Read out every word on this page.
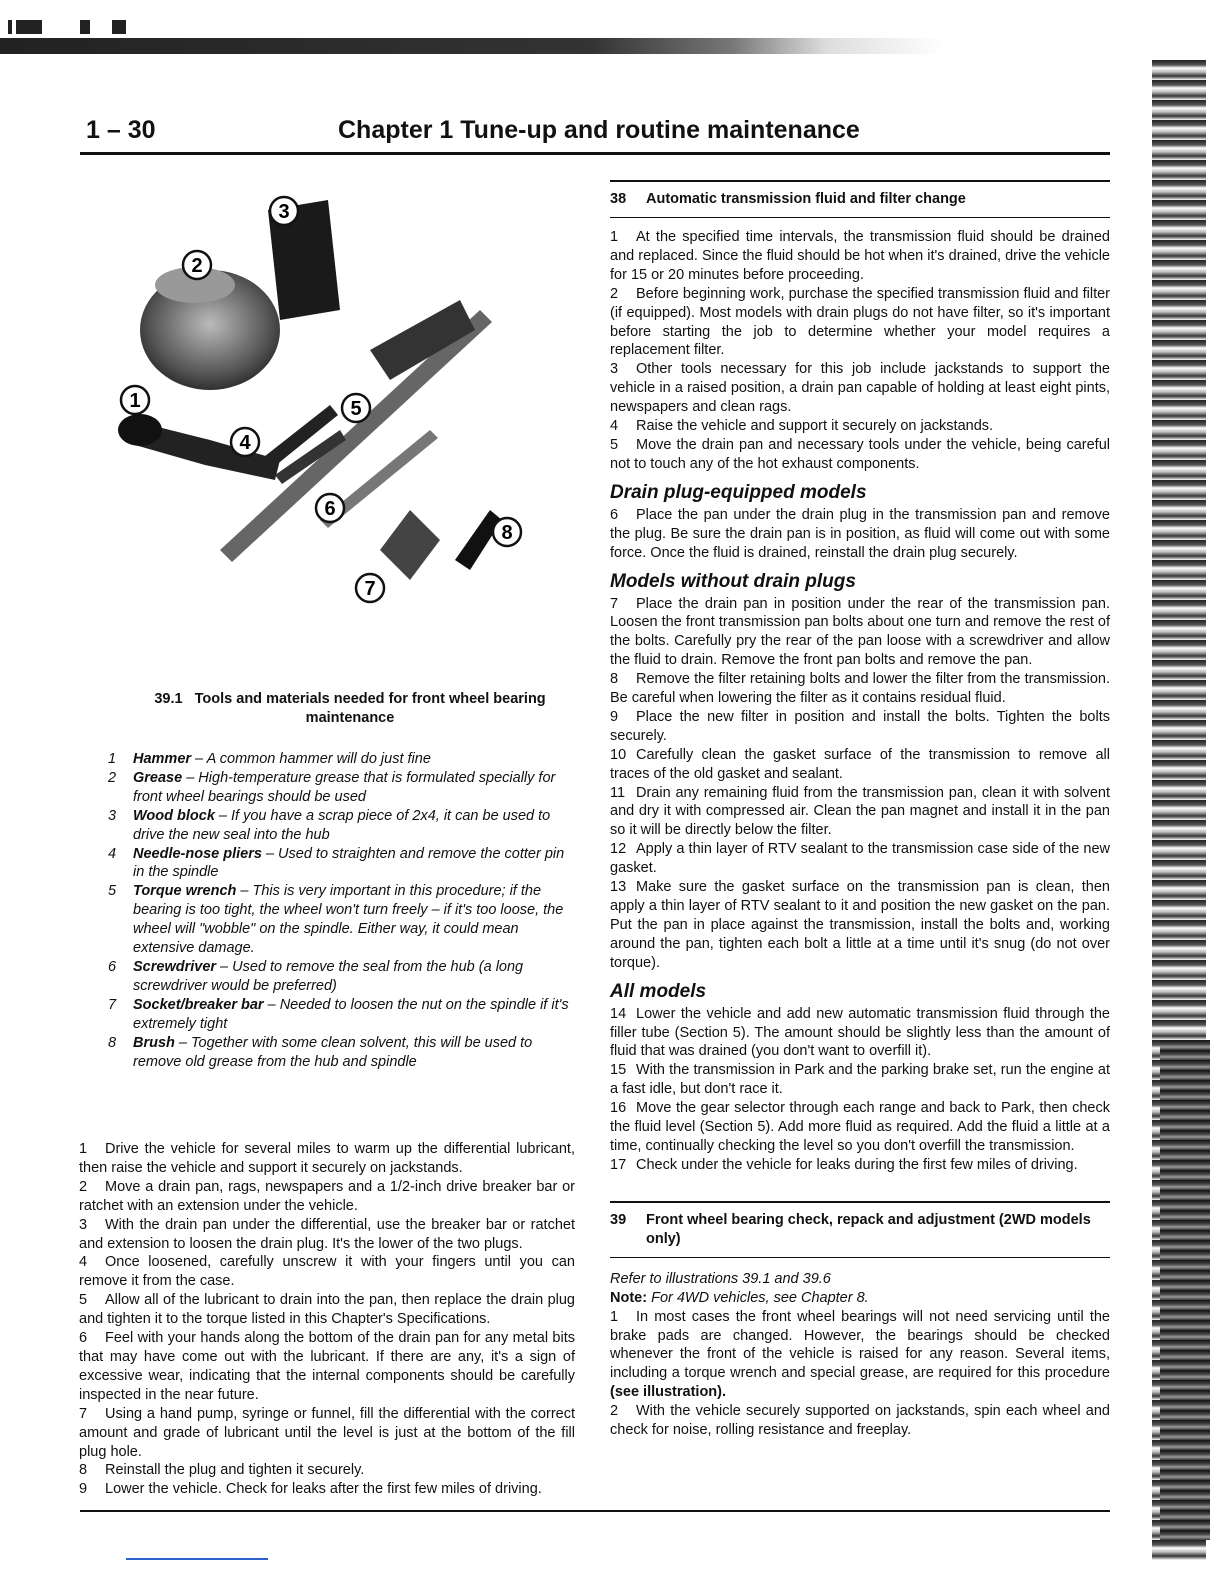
1 – 30	Chapter 1 Tune-up and routine maintenance
1
2
3
4
5
6
7
8
39.1 Tools and materials needed for front wheel bearing maintenance
1	Hammer – A common hammer will do just fine
2	Grease – High-temperature grease that is formulated specially for front wheel bearings should be used
3	Wood block – If you have a scrap piece of 2x4, it can be used to drive the new seal into the hub
4	Needle-nose pliers – Used to straighten and remove the cotter pin in the spindle
5	Torque wrench – This is very important in this procedure; if the bearing is too tight, the wheel won't turn freely – if it's too loose, the wheel will "wobble" on the spindle. Either way, it could mean extensive damage.
6	Screwdriver – Used to remove the seal from the hub (a long screwdriver would be preferred)
7	Socket/breaker bar – Needed to loosen the nut on the spindle if it's extremely tight
8	Brush – Together with some clean solvent, this will be used to remove old grease from the hub and spindle

1 Drive the vehicle for several miles to warm up the differential lubricant, then raise the vehicle and support it securely on jackstands.

2 Move a drain pan, rags, newspapers and a 1/2-inch drive breaker bar or ratchet with an extension under the vehicle.

3 With the drain pan under the differential, use the breaker bar or ratchet and extension to loosen the drain plug. It's the lower of the two plugs.

4 Once loosened, carefully unscrew it with your fingers until you can remove it from the case.

5 Allow all of the lubricant to drain into the pan, then replace the drain plug and tighten it to the torque listed in this Chapter's Specifications.

6 Feel with your hands along the bottom of the drain pan for any metal bits that may have come out with the lubricant. If there are any, it's a sign of excessive wear, indicating that the internal components should be carefully inspected in the near future.

7 Using a hand pump, syringe or funnel, fill the differential with the correct amount and grade of lubricant until the level is just at the bottom of the fill plug hole.

8 Reinstall the plug and tighten it securely.

9 Lower the vehicle. Check for leaks after the first few miles of driving.

38	Automatic transmission fluid and filter change

1 At the specified time intervals, the transmission fluid should be drained and replaced. Since the fluid should be hot when it's drained, drive the vehicle for 15 or 20 minutes before proceeding.

2 Before beginning work, purchase the specified transmission fluid and filter (if equipped). Most models with drain plugs do not have filter, so it's important before starting the job to determine whether your model requires a replacement filter.

3 Other tools necessary for this job include jackstands to support the vehicle in a raised position, a drain pan capable of holding at least eight pints, newspapers and clean rags.

4 Raise the vehicle and support it securely on jackstands.

5 Move the drain pan and necessary tools under the vehicle, being careful not to touch any of the hot exhaust components.

Drain plug-equipped models

6 Place the pan under the drain plug in the transmission pan and remove the plug. Be sure the drain pan is in position, as fluid will come out with some force. Once the fluid is drained, reinstall the drain plug securely.

Models without drain plugs

7 Place the drain pan in position under the rear of the transmission pan. Loosen the front transmission pan bolts about one turn and remove the rest of the bolts. Carefully pry the rear of the pan loose with a screwdriver and allow the fluid to drain. Remove the front pan bolts and remove the pan.

8 Remove the filter retaining bolts and lower the filter from the transmission. Be careful when lowering the filter as it contains residual fluid.

9 Place the new filter in position and install the bolts. Tighten the bolts securely.

10 Carefully clean the gasket surface of the transmission to remove all traces of the old gasket and sealant.

11 Drain any remaining fluid from the transmission pan, clean it with solvent and dry it with compressed air. Clean the pan magnet and install it in the pan so it will be directly below the filter.

12 Apply a thin layer of RTV sealant to the transmission case side of the new gasket.

13 Make sure the gasket surface on the transmission pan is clean, then apply a thin layer of RTV sealant to it and position the new gasket on the pan. Put the pan in place against the transmission, install the bolts and, working around the pan, tighten each bolt a little at a time until it's snug (do not over torque).

All models

14 Lower the vehicle and add new automatic transmission fluid through the filler tube (Section 5). The amount should be slightly less than the amount of fluid that was drained (you don't want to overfill it).

15 With the transmission in Park and the parking brake set, run the engine at a fast idle, but don't race it.

16 Move the gear selector through each range and back to Park, then check the fluid level (Section 5). Add more fluid as required. Add the fluid a little at a time, continually checking the level so you don't overfill the transmission.

17 Check under the vehicle for leaks during the first few miles of driving.

39	Front wheel bearing check, repack and adjustment (2WD models only)
Refer to illustrations 39.1 and 39.6
Note: For 4WD vehicles, see Chapter 8.

1 In most cases the front wheel bearings will not need servicing until the brake pads are changed. However, the bearings should be checked whenever the front of the vehicle is raised for any reason. Several items, including a torque wrench and special grease, are required for this procedure (see illustration).

2 With the vehicle securely supported on jackstands, spin each wheel and check for noise, rolling resistance and freeplay.
